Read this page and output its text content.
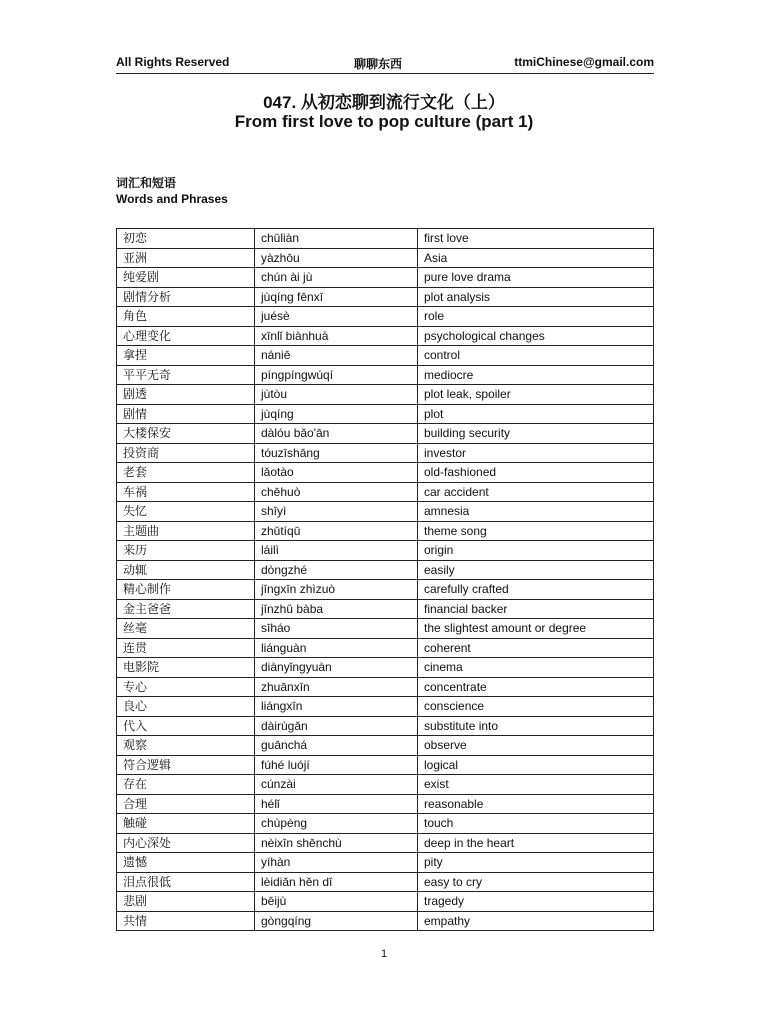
All Rights Reserved	聊聊东西	ttmiChinese@gmail.com
047. 从初恋聊到流行文化（上）
From first love to pop culture (part 1)
词汇和短语
Words and Phrases
初恋	chūliàn	first love
亚洲	yàzhōu	Asia
纯爱剧	chún ài jù	pure love drama
剧情分析	jùqíng fēnxī	plot analysis
角色	juésè	role
心理变化	xīnlǐ biànhuà	psychological changes
拿捏	nániē	control
平平无奇	píngpíngwúqí	mediocre
剧透	jùtòu	plot leak, spoiler
剧情	jùqíng	plot
大楼保安	dàlóu bǎo'ān	building security
投资商	tóuzīshāng	investor
老套	lǎotào	old-fashioned
车祸	chēhuò	car accident
失忆	shīyì	amnesia
主题曲	zhǔtíqū	theme song
来历	láilì	origin
动辄	dòngzhé	easily
精心制作	jīngxīn zhìzuò	carefully crafted
金主爸爸	jīnzhǔ bàba	financial backer
丝毫	sīháo	the slightest amount or degree
连贯	liánguàn	coherent
电影院	diànyǐngyuàn	cinema
专心	zhuānxīn	concentrate
良心	liángxīn	conscience
代入	dàirùgǎn	substitute into
观察	guānchá	observe
符合逻辑	fúhé luójí	logical
存在	cúnzài	exist
合理	hélǐ	reasonable
触碰	chùpèng	touch
内心深处	nèixīn shēnchù	deep in the heart
遗憾	yíhàn	pity
泪点很低	lèidiǎn hěn dī	easy to cry
悲剧	bēijù	tragedy
共情	gòngqíng	empathy
1
